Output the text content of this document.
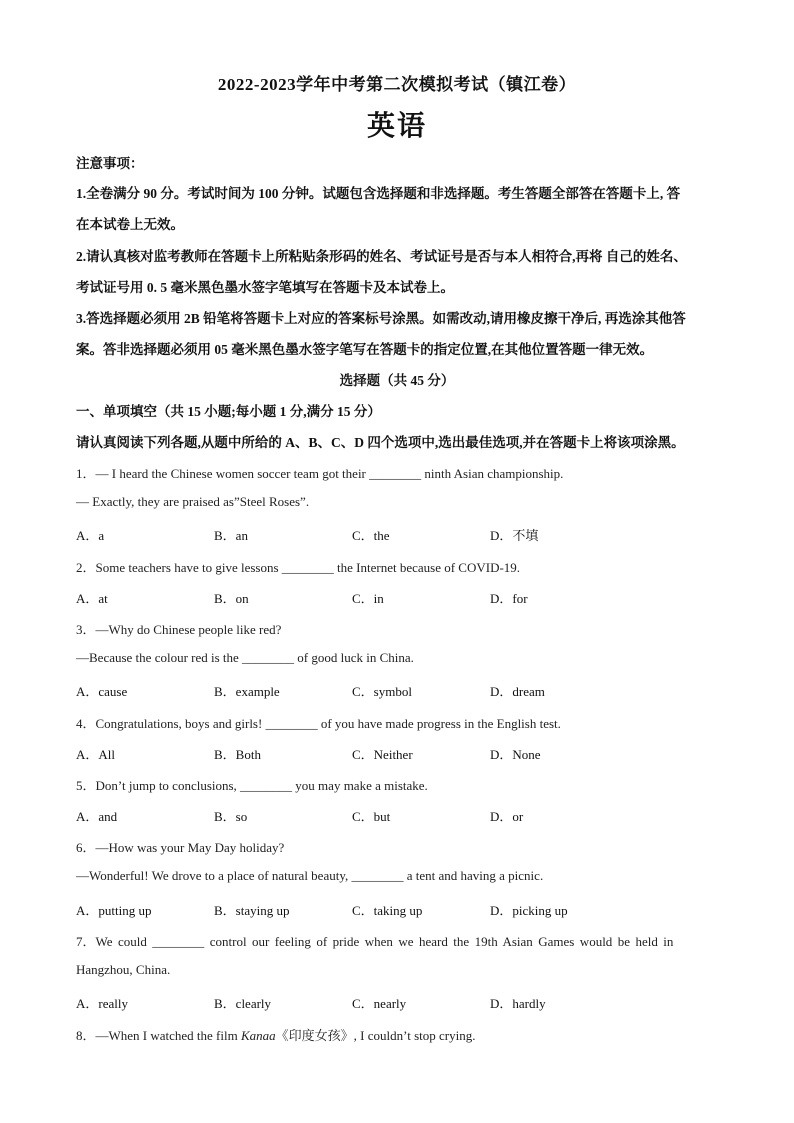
2022-2023学年中考第二次模拟考试（镇江卷）
英语
注意事项：
1.全卷满分 90 分。考试时间为 100 分钟。试题包含选择题和非选择题。考生答题全部答在答题卡上, 答
在本试卷上无效。
2.请认真核对监考教师在答题卡上所粘贴条形码的姓名、考试证号是否与本人相符合,再将 自己的姓名、
考试证号用 0. 5 毫米黑色墨水签字笔填写在答题卡及本试卷上。
3.答选择题必须用 2B 铅笔将答题卡上对应的答案标号涂黑。如需改动,请用橡皮擦干净后, 再选涂其他答
案。答非选择题必须用 05 毫米黑色墨水签字笔写在答题卡的指定位置,在其他位置答题一律无效。
选择题（共 45 分）
一、单项填空（共 15 小题;每小题 1 分,满分 15 分）
请认真阅读下列各题,从题中所给的 A、B、C、D 四个选项中,选出最佳选项,并在答题卡上将该项涂黑。
1．— I heard the Chinese women soccer team got their ________ ninth Asian championship.
— Exactly, they are praised as”Steel Roses”.
A．a	B．an	C．the	D．不填
2．Some teachers have to give lessons ________ the Internet because of COVID-19.
A．at	B．on	C．in	D．for
3．—Why do Chinese people like red?
—Because the colour red is the ________ of good luck in China.
A．cause	B．example	C．symbol	D．dream
4．Congratulations, boys and girls! ________ of you have made progress in the English test.
A．All	B．Both	C．Neither	D．None
5．Don’t jump to conclusions, ________ you may make a mistake.
A．and	B．so	C．but	D．or
6．—How was your May Day holiday?
—Wonderful! We drove to a place of natural beauty, ________ a tent and having a picnic.
A．putting up	B．staying up	C．taking up	D．picking up
7．We could ________ control our feeling of pride when we heard the 19th Asian Games would be held in
Hangzhou, China.
A．really	B．clearly	C．nearly	D．hardly
8．—When I watched the film Kanaa《印度女孩》, I couldn’t stop crying.
